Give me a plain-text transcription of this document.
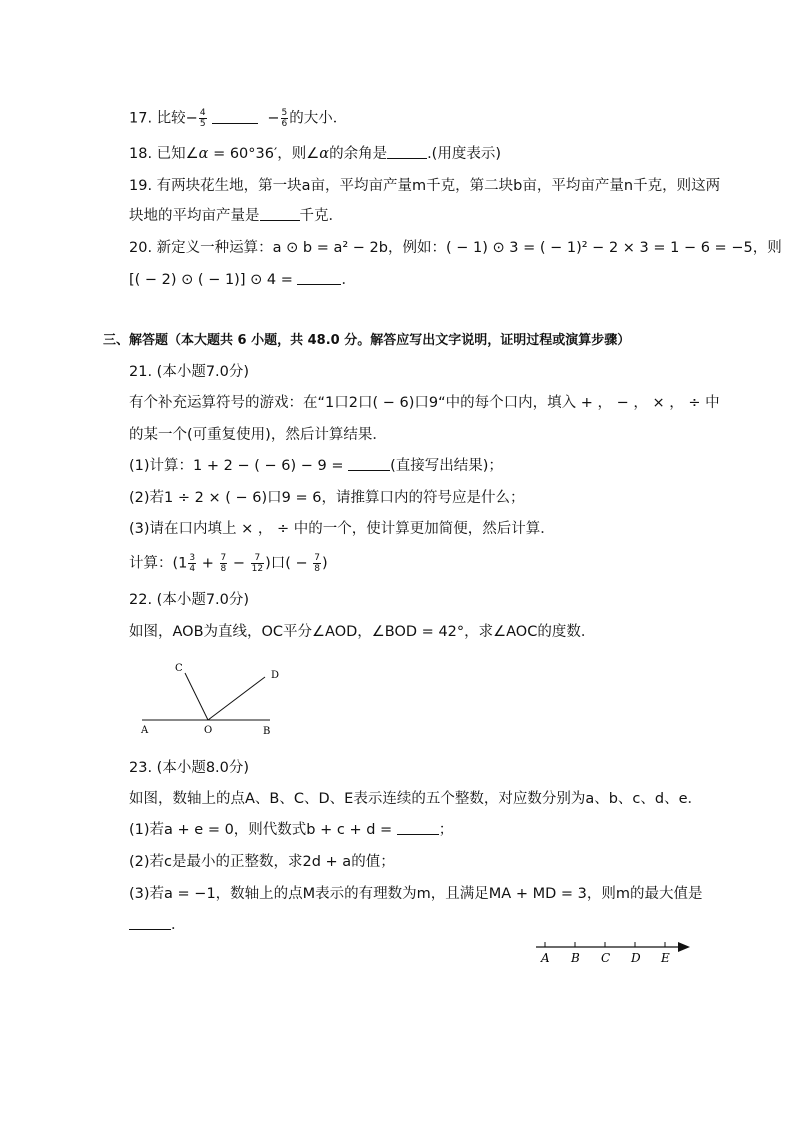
17. 比较− $\frac{4}{5}$	− $\frac{5}{6}$ 的大小．
18. 已知∠α = 60°36′，则∠α的余角是	.(用度表示)
19. 有两块花生地，第一块a亩，平均亩产量m千克，第二块b亩，平均亩产量n千克，则这两
块地的平均亩产量是	千克．
20. 新定义一种运算：a ⊙ b = a² − 2b，例如：( − 1) ⊙ 3 = ( − 1)² − 2 × 3 = 1 − 6 = −5，则
[( − 2) ⊙ ( − 1)] ⊙ 4 =	．
三、解答题（本大题共 6 小题，共 48.0 分。解答应写出文字说明，证明过程或演算步骤）
21. (本小题7.0分)
有个补充运算符号的游戏：在“1口2口( − 6)口9“中的每个口内，填入 + ， − ， × ， ÷ 中
的某一个(可重复使用)，然后计算结果．
(1)计算：1 + 2 − ( − 6) − 9 =	(直接写出结果)；
(2)若1 ÷ 2 × ( − 6)口9 = 6，请推算口内的符号应是什么；
(3)请在口内填上 × ， ÷ 中的一个，使计算更加简便，然后计算．
计算：($1 \frac{3}{4} + \frac{7}{8} - \frac{7}{12}$ )口( − $\frac{7}{8}$ )
22. (本小题7.0分)
如图，AOB为直线，OC平分∠AOD，∠BOD = 42°，求∠AOC的度数．
C
D
A	O	B
23. (本小题8.0分)
如图，数轴上的点A、B、C、D、E表示连续的五个整数，对应数分别为a、b、c、d、e．
(1)若a + e = 0，则代数式b + c + d =	；
(2)若c是最小的正整数，求2d + a的值；
(3)若a = −1，数轴上的点M表示的有理数为m，且满足MA + MD = 3，则m的最大值是
．
A B C D E
